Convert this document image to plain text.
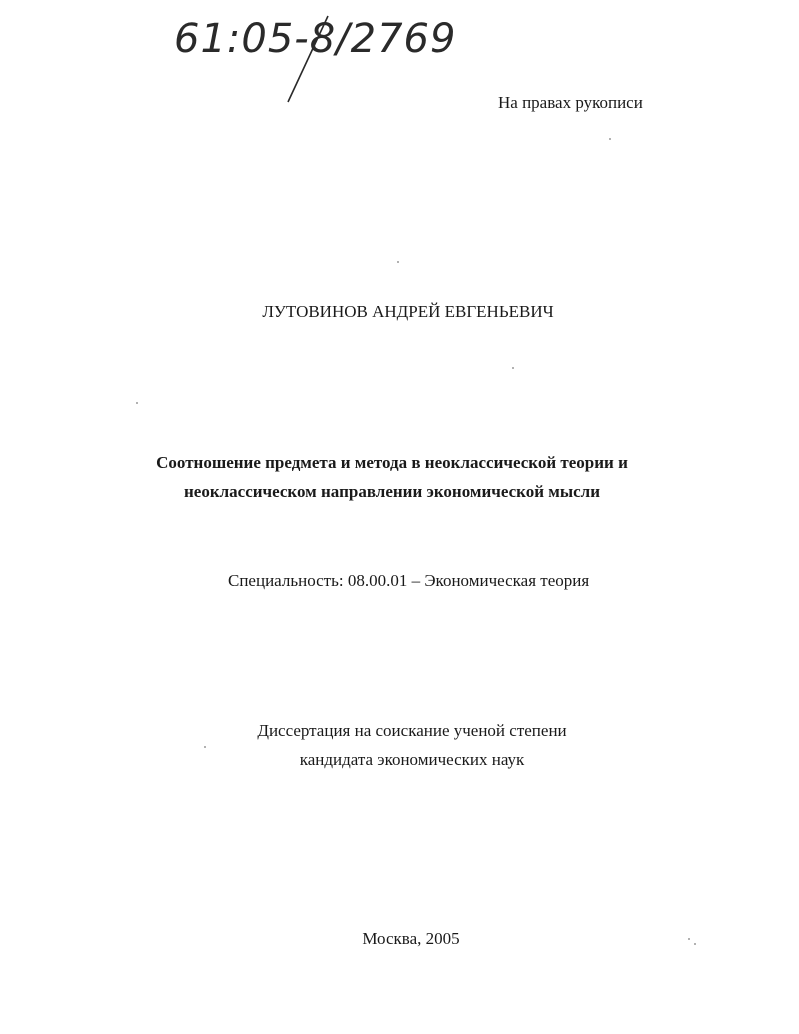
61:05-8/2769
На правах рукописи
ЛУТОВИНОВ АНДРЕЙ ЕВГЕНЬЕВИЧ
Соотношение предмета и метода в неоклассической теории и
неоклассическом направлении экономической мысли
Специальность: 08.00.01 – Экономическая теория
Диссертация на соискание ученой степени
кандидата экономических наук
Москва, 2005
